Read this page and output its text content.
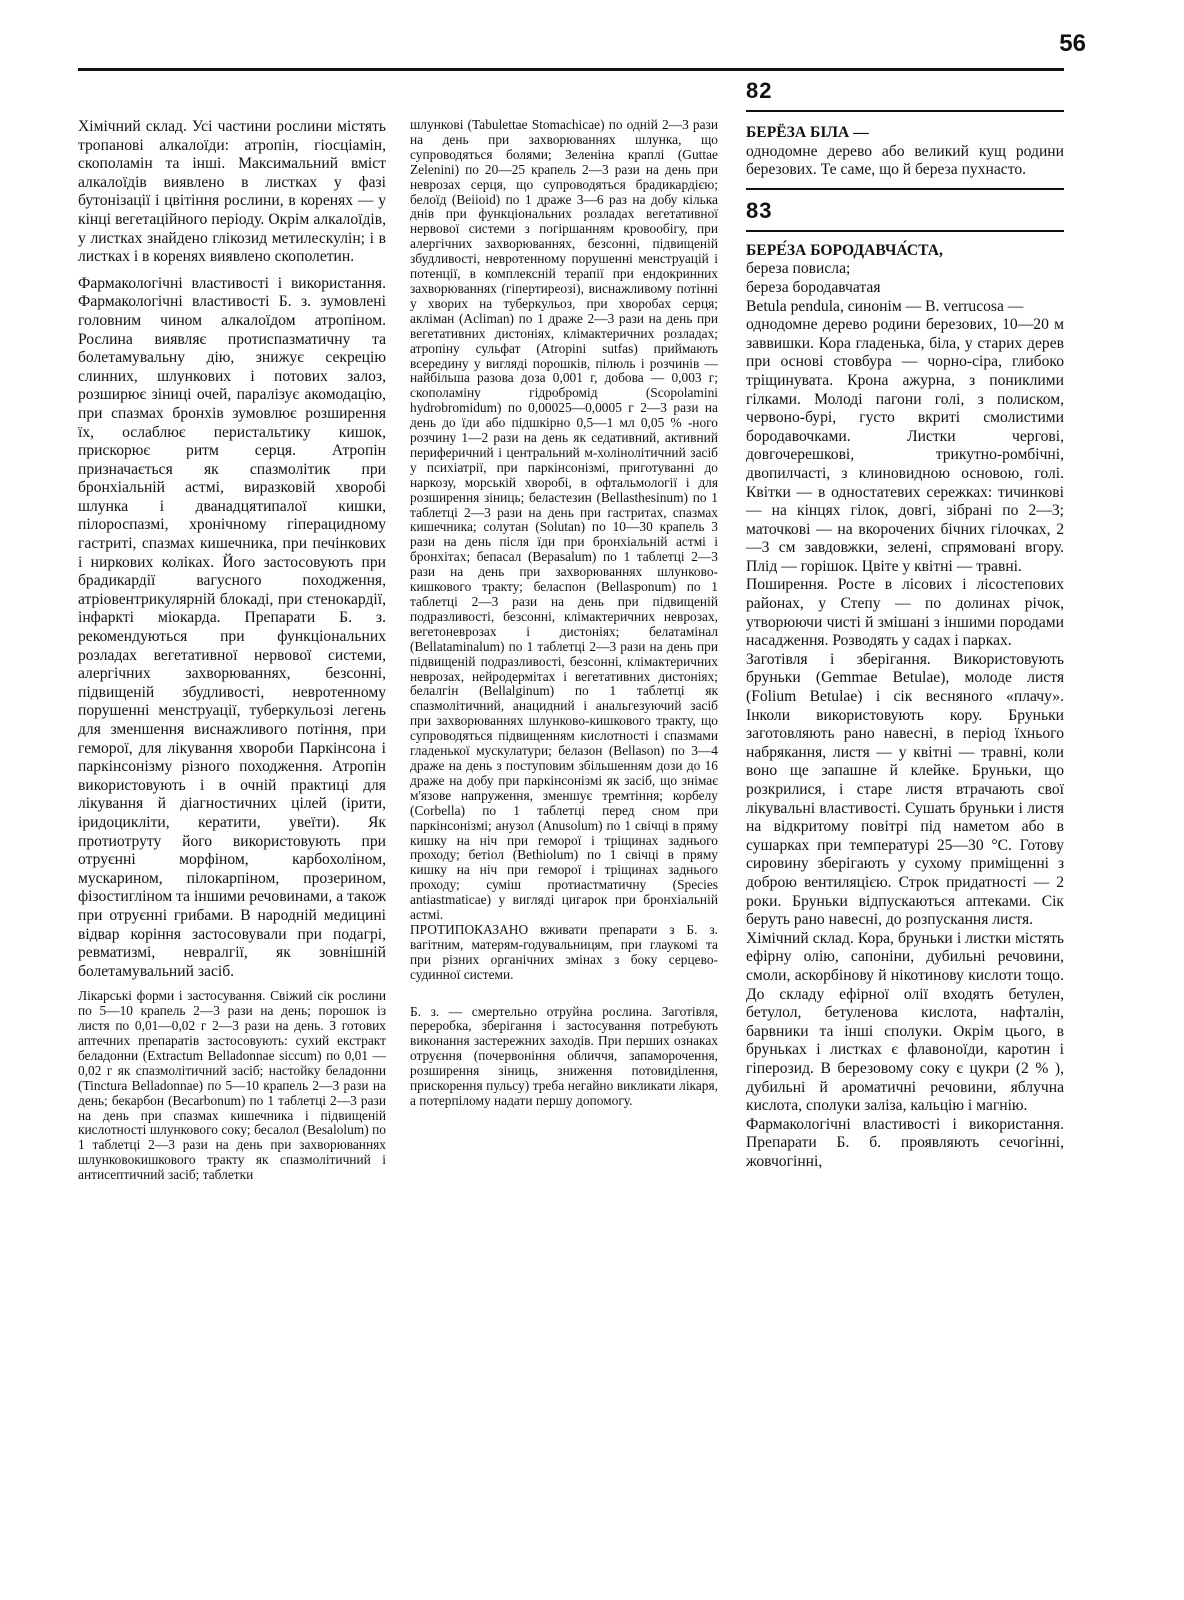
56

Хімічний склад. Усі частини рослини містять тропанові алкалоїди: атропін, гіосціамін, скополамін та інші. Максимальний вміст алкалоїдів виявлено в листках у фазі бутонізації і цвітіння рослини, в коренях — у кінці вегетаційного періоду. Окрім алкалоїдів, у листках знайдено глікозид метилескулін; і в листках і в коренях виявлено скополетин.

Фармакологічні властивості і використання. Фармакологічні властивості Б. з. зумовлені головним чином алкалоїдом атропіном. Рослина виявляє протиспазматичну та болетамувальну дію, знижує секрецію слинних, шлункових і потових залоз, розширює зіниці очей, паралізує акомодацію, при спазмах бронхів зумовлює розширення їх, ослаблює перистальтику кишок, прискорює ритм серця. Атропін призначається як спазмолітик при бронхіальній астмі, виразковій хворобі шлунка і дванадцятипалої кишки, пілороспазмі, хронічному гіперацидному гастриті, спазмах кишечника, при печінкових і ниркових коліках. Його застосовують при брадикардії вагусного походження, атріовентрикулярній блокаді, при стенокардії, інфаркті міокарда. Препарати Б. з. рекомендуються при функціональних розладах вегетативної нервової системи, алергічних захворюваннях, безсонні, підвищеній збудливості, невротенному порушенні менструації, туберкульозі легень для зменшення виснажливого потіння, при геморої, для лікування хвороби Паркінсона і паркінсонізму різного походження. Атропін використовують і в очній практиці для лікування й діагностичних цілей (ірити, іридоцикліти, кератити, увеїти). Як протиотруту його використовують при отруєнні морфіном, карбохоліном, мускарином, пілокарпіном, прозерином, фізостигліном та іншими речовинами, а також при отруєнні грибами. В народній медицині відвар коріння застосовували при подагрі, ревматизмі, невралгії, як зовнішній болетамувальний засіб.

Лікарські форми і застосування. Свіжий сік рослини по 5—10 крапель 2—3 рази на день; порошок із листя по 0,01—0,02 г 2—3 рази на день. З готових аптечних препаратів застосовують: сухий екстракт беладонни (Extractum Belladonnae siccum) по 0,01 — 0,02 г як спазмолітичний засіб; настойку беладонни (Tinctura Belladonnae) по 5—10 крапель 2—3 рази на день; бекарбон (Becarbonum) по 1 таблетці 2—3 рази на день при спазмах кишечника і підвищеній кислотності шлункового соку; бесалол (Besalolum) по 1 таблетці 2—3 рази на день при захворюваннях шлунковокишкового тракту як спазмолітичний і антисептичний засіб; таблетки

шлункові (Tabulettae Stomachicae) по одній 2—3 рази на день при захворюваннях шлунка, що супроводяться болями; Зеленіна краплі (Guttae Zelenini) по 20—25 крапель 2—3 рази на день при неврозах серця, що супроводяться брадикардією; белоїд (Beiioid) по 1 драже 3—6 раз на добу кілька днів при функціональних розладах вегетативної нервової системи з погіршанням кровообігу, при алергічних захворюваннях, безсонні, підвищеній збудливості, невротенному порушенні менструацій і потенції, в комплексній терапії при ендокринних захворюваннях (гіпертиреозі), виснажливому потінні у хворих на туберкульоз, при хворобах серця; акліман (Acliman) по 1 драже 2—3 рази на день при вегетативних дистоніях, клімактеричних розладах; атропіну сульфат (Atropini sutfas) приймають всередину у вигляді порошків, пілюль і розчинів — найбільша разова доза 0,001 г, добова — 0,003 г; скополаміну гідробромід (Scopolamini hydrobromidum) по 0,00025—0,0005 г 2—3 рази на день до їди або підшкірно 0,5—1 мл 0,05 % -ного розчину 1—2 рази на день як седативний, активний периферичний і центральний м-холінолітичний засіб у психіатрії, при паркінсонізмі, приготуванні до наркозу, морській хворобі, в офтальмології і для розширення зіниць; беластезин (Bellasthesinum) по 1 таблетці 2—3 рази на день при гастритах, спазмах кишечника; солутан (Solutan) по 10—30 крапель 3 рази на день після їди при бронхіальній астмі і бронхітах; бепасал (Bepasalum) по 1 таблетці 2—3 рази на день при захворюваннях шлунково-кишкового тракту; беласпон (Bellasponum) по 1 таблетці 2—3 рази на день при підвищеній подразливості, безсонні, клімактеричних неврозах, вегетоневрозах і дистоніях; белатамінал (Bellataminalum) по 1 таблетці 2—3 рази на день при підвищеній подразливості, безсонні, клімактеричних неврозах, нейродермітах і вегетативних дистоніях; белалгін (Bellalginum) по 1 таблетці як спазмолітичний, анацидний і анальгезуючий засіб при захворюваннях шлунково-кишкового тракту, що супроводяться підвищенням кислотності і спазмами гладенької мускулатури; белазон (Bellason) по 3—4 драже на день з поступовим збільшенням дози до 16 драже на добу при паркінсонізмі як засіб, що знімає м'язове напруження, зменшує тремтіння; корбелу (Corbella) по 1 таблетці перед сном при паркінсонізмі; анузол (Anusolum) по 1 свічці в пряму кишку на ніч при геморої і тріщинах заднього проходу; бетіол (Bethiolum) по 1 свічці в пряму кишку на ніч при геморої і тріщинах заднього проходу; суміш протиастматичну (Species antiastmaticae) у вигляді цигарок при бронхіальній астмі.

ПРОТИПОКАЗАНО вживати препарати з Б. з. вагітним, матерям-годувальницям, при глаукомі та при різних органічних змінах з боку серцево-судинної системи.

Б. з. — смертельно отруйна рослина. Заготівля, переробка, зберігання і застосування потребують виконання застережних заходів. При перших ознаках отруєння (почервоніння обличчя, запаморочення, розширення зіниць, зниження потовиділення, прискорення пульсу) треба негайно викликати лікаря, а потерпілому надати першу допомогу.

82

БЕРЁЗА БІЛА —

однодомне дерево або великий кущ родини березових. Те саме, що й береза пухнасто.

83

БЕРЕ́ЗА БОРОДАВЧА́СТА,

береза повисла;

береза бородавчатая

Betula pendula, синонім — B. verrucosa —

однодомне дерево родини березових, 10—20 м заввишки. Кора гладенька, біла, у старих дерев при основі стовбура — чорно-сіра, глибоко тріщинувата. Крона ажурна, з пониклими гілками. Молоді пагони голі, з полиском, червоно-бурі, густо вкриті смолистими бородавочками. Листки чергові, довгочерешкові, трикутно-ромбічні, двопилчасті, з клиновидною основою, голі. Квітки — в одностатевих сережках: тичинкові — на кінцях гілок, довгі, зібрані по 2—3; маточкові — на вкорочених бічних гілочках, 2—3 см завдовжки, зелені, спрямовані вгору. Плід — горішок. Цвіте у квітні — травні.

Поширення. Росте в лісових і лісостепових районах, у Степу — по долинах річок, утворюючи чисті й змішані з іншими породами насадження. Розводять у садах і парках.

Заготівля і зберігання. Використовують бруньки (Gemmae Betulae), молоде листя (Folium Betulae) і сік весняного «плачу». Інколи використовують кору. Бруньки заготовляють рано навесні, в період їхнього набрякання, листя — у квітні — травні, коли воно ще запашне й клейке. Бруньки, що розкрилися, і старе листя втрачають свої лікувальні властивості. Сушать бруньки і листя на відкритому повітрі під наметом або в сушарках при температурі 25—30 °С. Готову сировину зберігають у сухому приміщенні з доброю вентиляцією. Строк придатності — 2 роки. Бруньки відпускаються аптеками. Сік беруть рано навесні, до розпускання листя.

Хімічний склад. Кора, бруньки і листки містять ефірну олію, сапоніни, дубильні речовини, смоли, аскорбінову й нікотинову кислоти тощо. До складу ефірної олії входять бетулен, бетулол, бетуленова кислота, нафталін, барвники та інші сполуки. Окрім цього, в бруньках і листках є флавоноїди, каротин і гіперозид. В березовому соку є цукри (2 % ), дубильні й ароматичні речовини, яблучна кислота, сполуки заліза, кальцію і магнію.

Фармакологічні властивості і використання. Препарати Б. б. проявляють сечогінні, жовчогінні,
